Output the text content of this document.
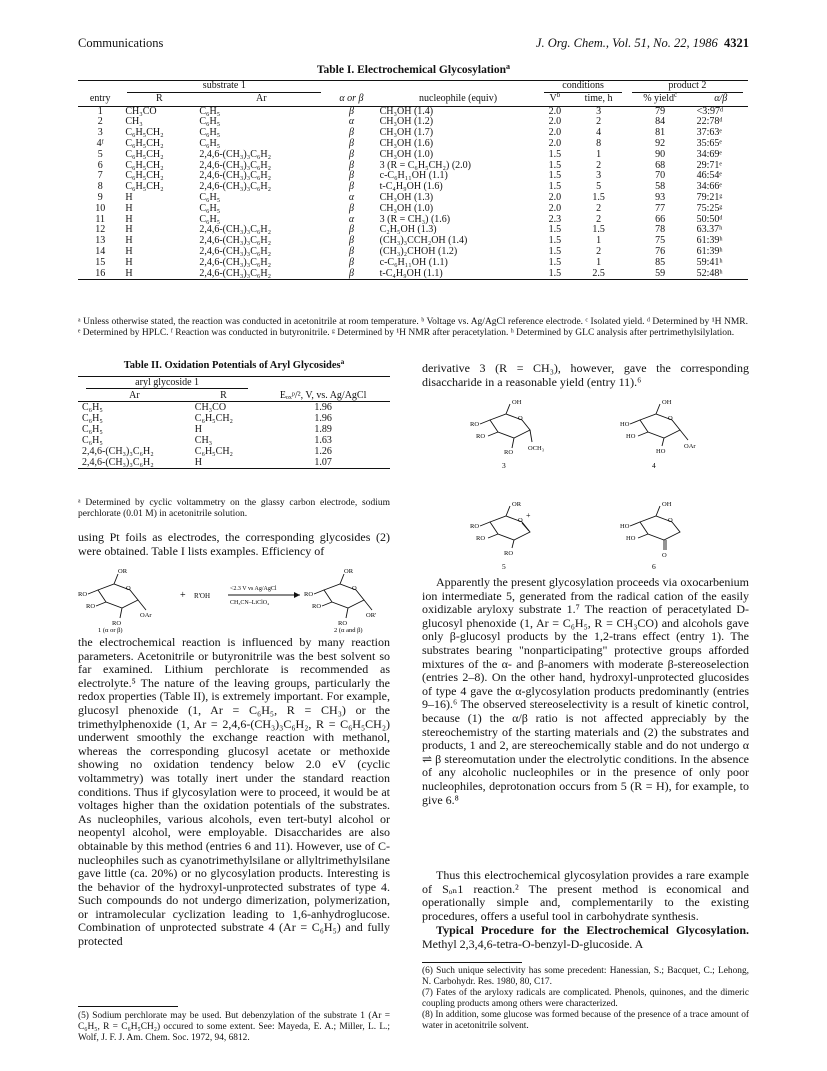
Communications	J. Org. Chem., Vol. 51, No. 22, 1986 4321
Table I. Electrochemical Glycosylation$^a$

	substrate 1				conditions		product 2	

entry	R	Ar	α or β	nucleophile (equiv)	$V^b$	time, h	% yield$^c$	α/β
1	CH₃CO	C₆H₅	β	CH₃OH (1.4)	2.0	3	79	<3:97ᵈ
2	CH₃	C₆H₅	α	CH₃OH (1.2)	2.0	2	84	22:78ᵈ
3	C₆H₅CH₂	C₆H₅	β	CH₃OH (1.7)	2.0	4	81	37:63ᵉ
4ᶠ	C₆H₅CH₂	C₆H₅	β	CH₃OH (1.6)	2.0	8	92	35:65ᵉ
5	C₆H₅CH₂	2,4,6-(CH₃)₃C₆H₂	β	CH₃OH (1.0)	1.5	1	90	34:69ᵉ
6	C₆H₅CH₂	2,4,6-(CH₃)₃C₆H₂	β	3 (R = C₆H₅CH₂) (2.0)	1.5	2	68	29:71ᵉ
7	C₆H₅CH₂	2,4,6-(CH₃)₃C₆H₂	β	c-C₆H₁₁OH (1.1)	1.5	3	70	46:54ᵉ
8	C₆H₅CH₂	2,4,6-(CH₃)₃C₆H₂	β	t-C₄H₉OH (1.6)	1.5	5	58	34:66ᵉ
9	H	C₆H₅	α	CH₃OH (1.3)	2.0	1.5	93	79:21ᵍ
10	H	C₆H₅	β	CH₃OH (1.0)	2.0	2	77	75:25ᵍ
11	H	C₆H₅	α	3 (R = CH₃) (1.6)	2.3	2	66	50:50ᵈ
12	H	2,4,6-(CH₃)₃C₆H₂	β	C₂H₅OH (1.3)	1.5	1.5	78	63.37ʰ
13	H	2,4,6-(CH₃)₃C₆H₂	β	(CH₃)₃CCH₂OH (1.4)	1.5	1	75	61:39ʰ
14	H	2,4,6-(CH₃)₃C₆H₂	β	(CH₃)₂CHOH (1.2)	1.5	2	76	61:39ʰ
15	H	2,4,6-(CH₃)₃C₆H₂	β	c-C₆H₁₁OH (1.1)	1.5	1	85	59:41ʰ
16	H	2,4,6-(CH₃)₃C₆H₂	β	t-C₄H₉OH (1.1)	1.5	2.5	59	52:48ʰ
ᵃ Unless otherwise stated, the reaction was conducted in acetonitrile at room temperature. ᵇ Voltage vs. Ag/AgCl reference electrode. ᶜ Isolated yield. ᵈ Determined by ¹H NMR. ᵉ Determined by HPLC. ᶠ Reaction was conducted in butyronitrile. ᵍ Determined by ¹H NMR after peracetylation. ʰ Determined by GLC analysis after pertrimethylsilylation.
Table II. Oxidation Potentials of Aryl Glycosides$^a$
aryl glycoside 1		

Ar	R	Eₒₓᵖ/², V, vs. Ag/AgCl
C₆H₅	CH₃CO	1.96
C₆H₅	C₆H₅CH₂	1.96
C₆H₅	H	1.89
C₆H₅	CH₃	1.63
2,4,6-(CH₃)₃C₆H₂	C₆H₅CH₂	1.26
2,4,6-(CH₃)₃C₆H₂	H	1.07
ᵃ Determined by cyclic voltammetry on the glassy carbon electrode, sodium perchlorate (0.01 M) in acetonitrile solution.
using Pt foils as electrodes, the corresponding glycosides (2) were obtained. Table I lists examples. Efficiency of
OR
RO
RO
RO
OAr
O
+ R'OH
<2.3 V vs Ag/AgCl
CH₃CN–LiClO₄
OR
RO
RO
RO
OR'
O
1 (α or β)	2 (α and β)
the electrochemical reaction is influenced by many reaction parameters. Acetonitrile or butyronitrile was the best solvent so far examined. Lithium perchlorate is recommended as electrolyte.⁵ The nature of the leaving groups, particularly the redox properties (Table II), is extremely important. For example, glucosyl phenoxide (1, Ar = C₆H₅, R = CH₃) or the trimethylphenoxide (1, Ar = 2,4,6-(CH₃)₃C₆H₂, R = C₆H₅CH₂) underwent smoothly the exchange reaction with methanol, whereas the corresponding glucosyl acetate or methoxide showing no oxidation tendency below 2.0 eV (cyclic voltammetry) was totally inert under the standard reaction conditions. Thus if glycosylation were to proceed, it would be at voltages higher than the oxidation potentials of the substrates. As nucleophiles, various alcohols, even tert-butyl alcohol or neopentyl alcohol, were employable. Disaccharides are also obtainable by this method (entries 6 and 11). However, use of C-nucleophiles such as cyanotrimethylsilane or allyltrimethylsilane gave little (ca. 20%) or no glycosylation products. Interesting is the behavior of the hydroxyl-unprotected substrates of type 4. Such compounds do not undergo dimerization, polymerization, or intramolecular cyclization leading to 1,6-anhydroglucose. Combination of unprotected substrate 4 (Ar = C₆H₅) and fully protected
(5) Sodium perchlorate may be used. But debenzylation of the substrate 1 (Ar = C₆H₅, R = C₆H₅CH₂) occured to some extent. See: Mayeda, E. A.; Miller, L. L.; Wolf, J. F. J. Am. Chem. Soc. 1972, 94, 6812.
derivative 3 (R = CH₃), however, gave the corresponding disaccharide in a reasonable yield (entry 11).⁶
OH
RO
RO
RO
OCH₃
O
3
OH
HO
HO
HO
OAr
O
4
OR
RO
RO
RO
O
+
5
OH
HO
HO
O
O
6
Apparently the present glycosylation proceeds via oxocarbenium ion intermediate 5, generated from the radical cation of the easily oxidizable aryloxy substrate 1.⁷ The reaction of peracetylated D-glucosyl phenoxide (1, Ar = C₆H₅, R = CH₃CO) and alcohols gave only β-glucosyl products by the 1,2-trans effect (entry 1). The substrates bearing "nonparticipating" protective groups afforded mixtures of the α- and β-anomers with moderate β-stereoselection (entries 2–8). On the other hand, hydroxyl-unprotected glucosides of type 4 gave the α-glycosylation products predominantly (entries 9–16).⁶ The observed stereoselectivity is a result of kinetic control, because (1) the α/β ratio is not affected appreciably by the stereochemistry of the starting materials and (2) the substrates and products, 1 and 2, are stereochemically stable and do not undergo α ⇌ β stereomutation under the electrolytic conditions. In the absence of any alcoholic nucleophiles or in the presence of only poor nucleophiles, deprotonation occurs from 5 (R = H), for example, to give 6.⁸
Thus this electrochemical glycosylation provides a rare example of Sₒₙ1 reaction.² The present method is economical and operationally simple and, complementarily to the existing procedures, offers a useful tool in carbohydrate synthesis.
Typical Procedure for the Electrochemical Glycosylation. Methyl 2,3,4,6-tetra-O-benzyl-D-glucoside. A
(6) Such unique selectivity has some precedent: Hanessian, S.; Bacquet, C.; Lehong, N. Carbohydr. Res. 1980, 80, C17.
(7) Fates of the aryloxy radicals are complicated. Phenols, quinones, and the dimeric coupling products among others were characterized.
(8) In addition, some glucose was formed because of the presence of a trace amount of water in acetonitrile solvent.
